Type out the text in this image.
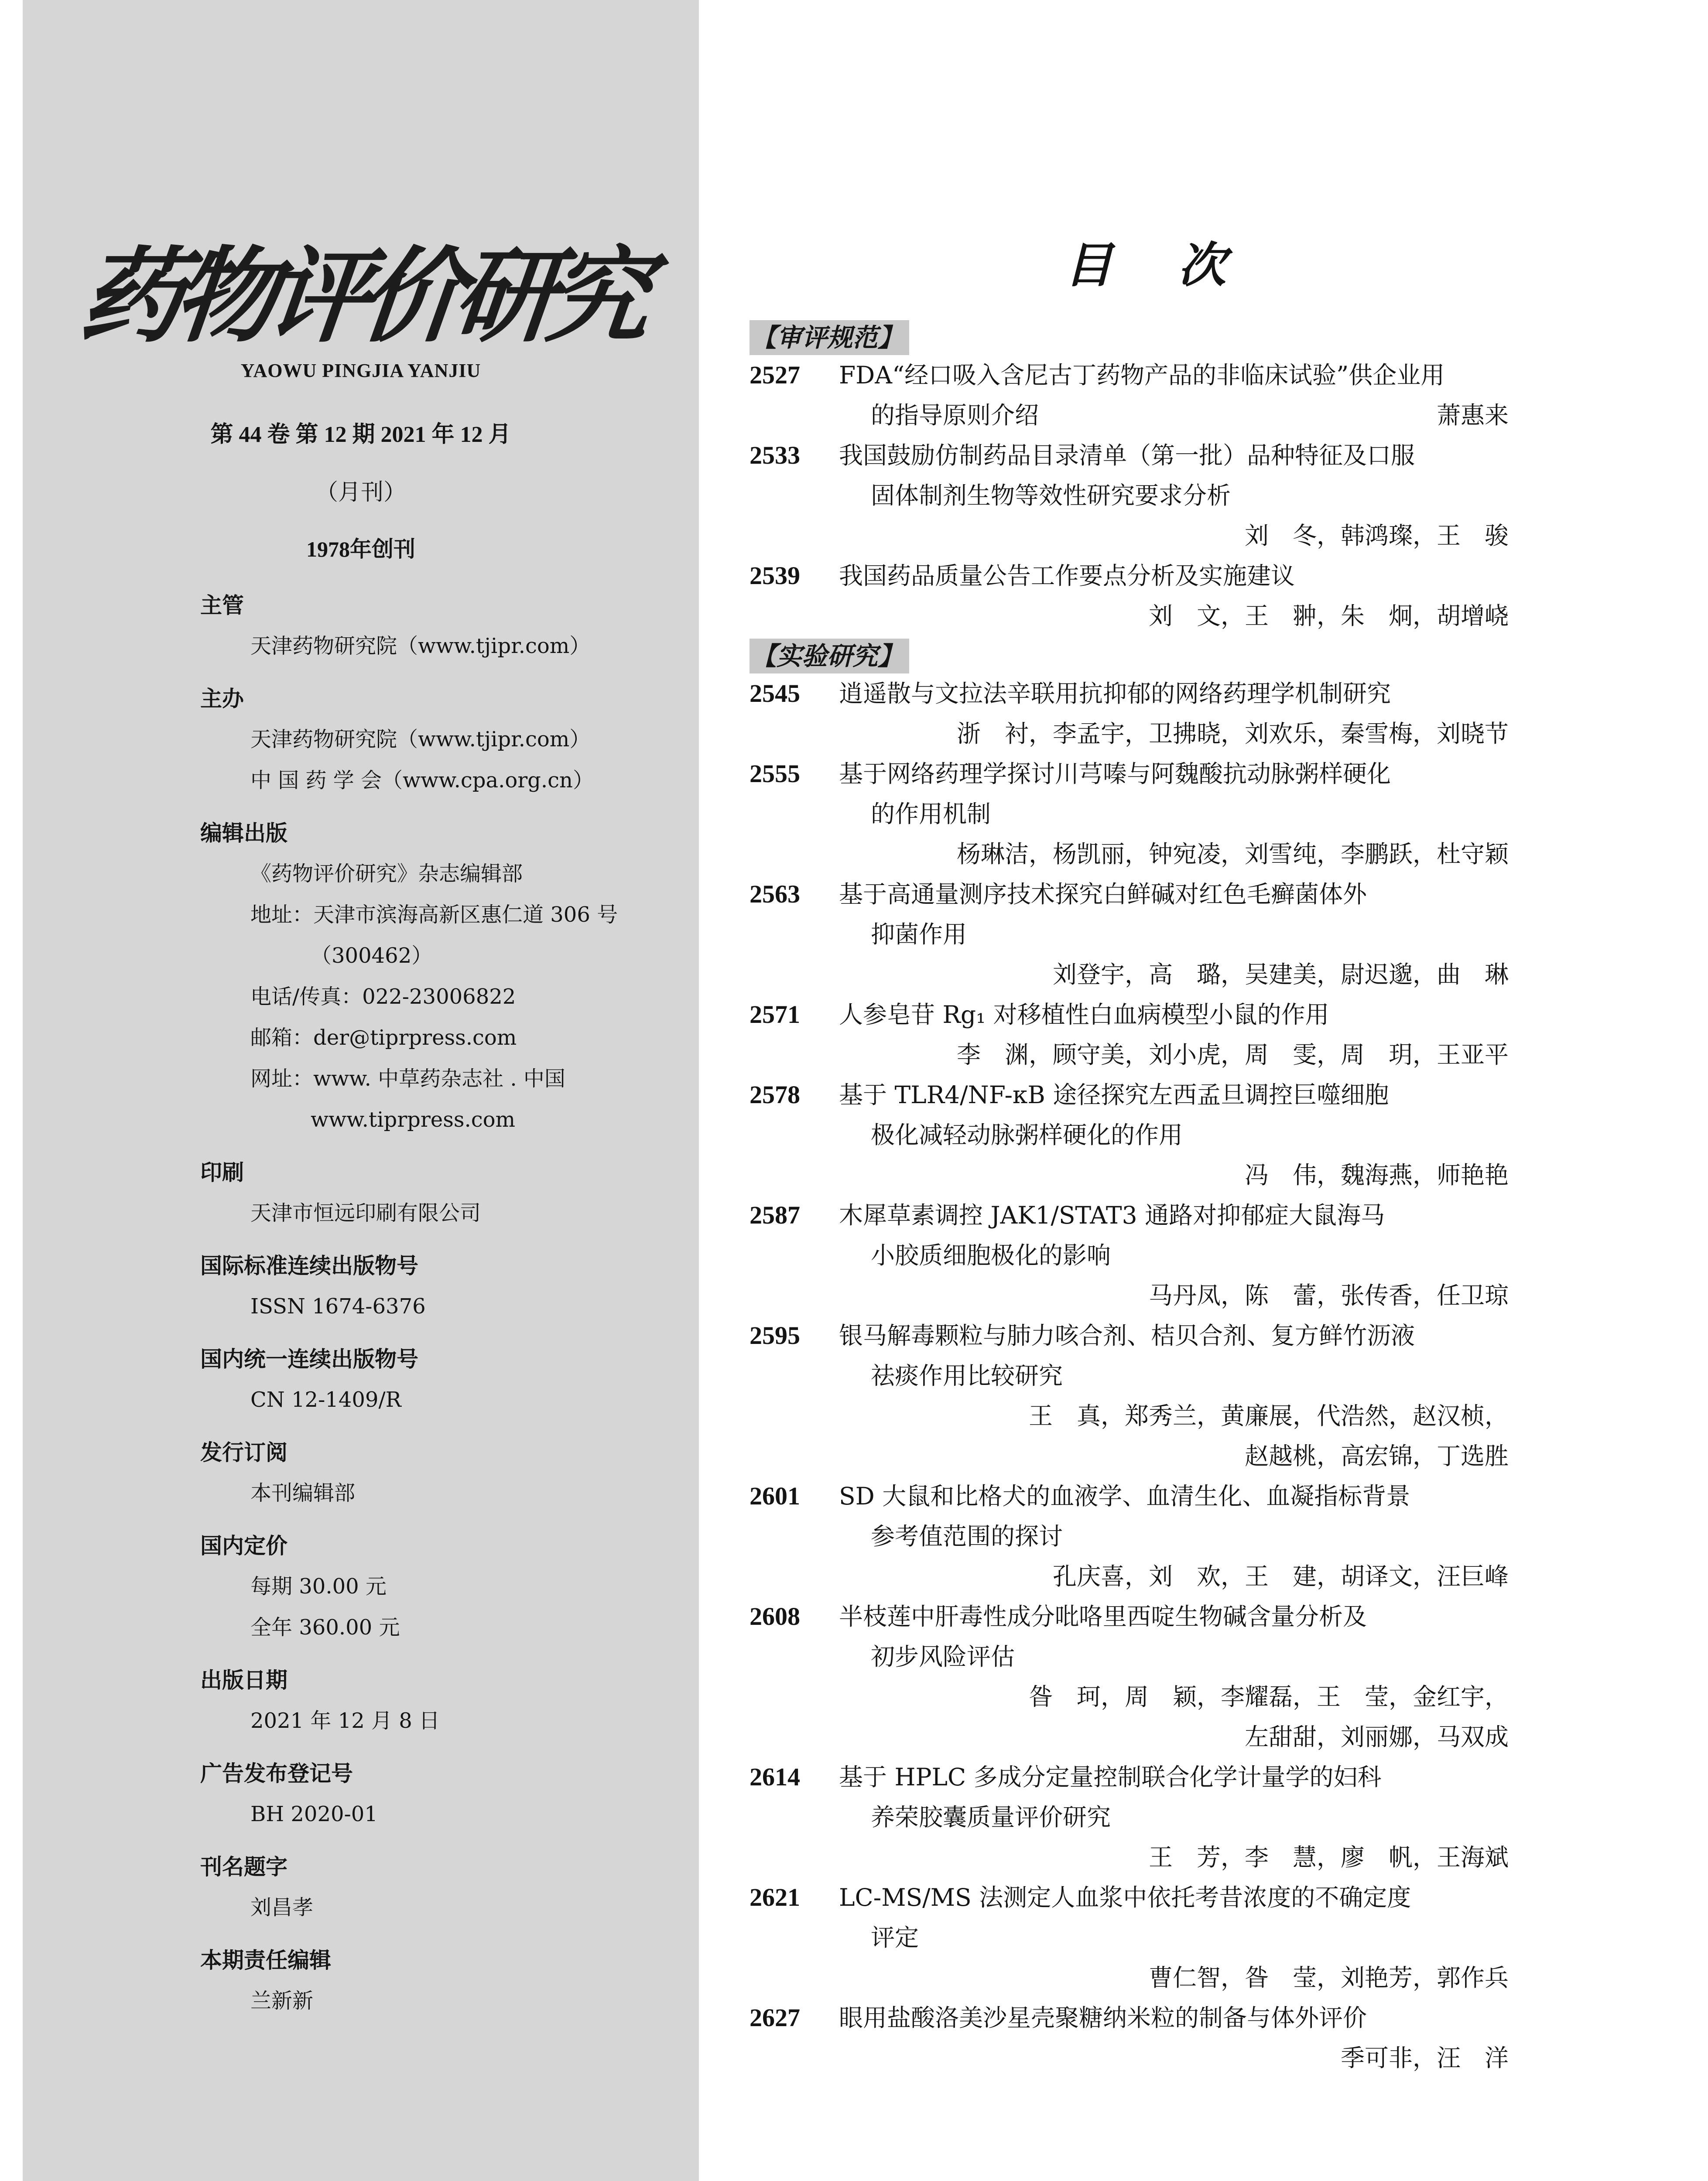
药物评价研究
YAOWU PINGJIA YANJIU
第 44 卷 第 12 期 2021 年 12 月
（月刊）
1978年创刊
主管
天津药物研究院（www.tjipr.com）
主办
天津药物研究院（www.tjipr.com）
中 国 药 学 会（www.cpa.org.cn）
编辑出版
《药物评价研究》杂志编辑部
地址：天津市滨海高新区惠仁道 306 号
（300462）
电话/传真：022-23006822
邮箱：der@tiprpress.com
网址：www. 中草药杂志社 . 中国
www.tiprpress.com
印刷
天津市恒远印刷有限公司
国际标准连续出版物号
ISSN 1674-6376
国内统一连续出版物号
CN 12-1409/R
发行订阅
本刊编辑部
国内定价
每期 30.00 元
全年 360.00 元
出版日期
2021 年 12 月 8 日
广告发布登记号
BH 2020-01
刊名题字
刘昌孝
本期责任编辑
兰新新
目次
【审评规范】
2527 FDA“经口吸入含尼古丁药物产品的非临床试验”供企业用
的指导原则介绍	萧惠来
2533 我国鼓励仿制药品目录清单（第一批）品种特征及口服
固体制剂生物等效性研究要求分析
刘　冬，韩鸿璨，王　骏
2539 我国药品质量公告工作要点分析及实施建议
刘　文，王　翀，朱　炯，胡增峣
【实验研究】
2545 逍遥散与文拉法辛联用抗抑郁的网络药理学机制研究
浙　衬，李孟宇，卫拂晓，刘欢乐，秦雪梅，刘晓节
2555 基于网络药理学探讨川芎嗪与阿魏酸抗动脉粥样硬化
的作用机制
杨琳洁，杨凯丽，钟宛凌，刘雪纯，李鹏跃，杜守颖
2563 基于高通量测序技术探究白鲜碱对红色毛癣菌体外
抑菌作用
刘登宇，高　璐，吴建美，尉迟邈，曲　琳
2571 人参皂苷 Rg₁ 对移植性白血病模型小鼠的作用
李　渊，顾守美，刘小虎，周　雯，周　玥，王亚平
2578 基于 TLR4/NF-κB 途径探究左西孟旦调控巨噬细胞
极化减轻动脉粥样硬化的作用
冯　伟，魏海燕，师艳艳
2587 木犀草素调控 JAK1/STAT3 通路对抑郁症大鼠海马
小胶质细胞极化的影响
马丹凤，陈　蕾，张传香，任卫琼
2595 银马解毒颗粒与肺力咳合剂、桔贝合剂、复方鲜竹沥液
祛痰作用比较研究
王　真，郑秀兰，黄廉展，代浩然，赵汉桢，
赵越桃，高宏锦，丁选胜
2601 SD 大鼠和比格犬的血液学、血清生化、血凝指标背景
参考值范围的探讨
孔庆喜，刘　欢，王　建，胡译文，汪巨峰
2608 半枝莲中肝毒性成分吡咯里西啶生物碱含量分析及
初步风险评估
昝　珂，周　颖，李耀磊，王　莹，金红宇，
左甜甜，刘丽娜，马双成
2614 基于 HPLC 多成分定量控制联合化学计量学的妇科
养荣胶囊质量评价研究
王　芳，李　慧，廖　帆，王海斌
2621 LC-MS/MS 法测定人血浆中依托考昔浓度的不确定度
评定
曹仁智，昝　莹，刘艳芳，郭作兵
2627 眼用盐酸洛美沙星壳聚糖纳米粒的制备与体外评价
季可非，汪　洋
